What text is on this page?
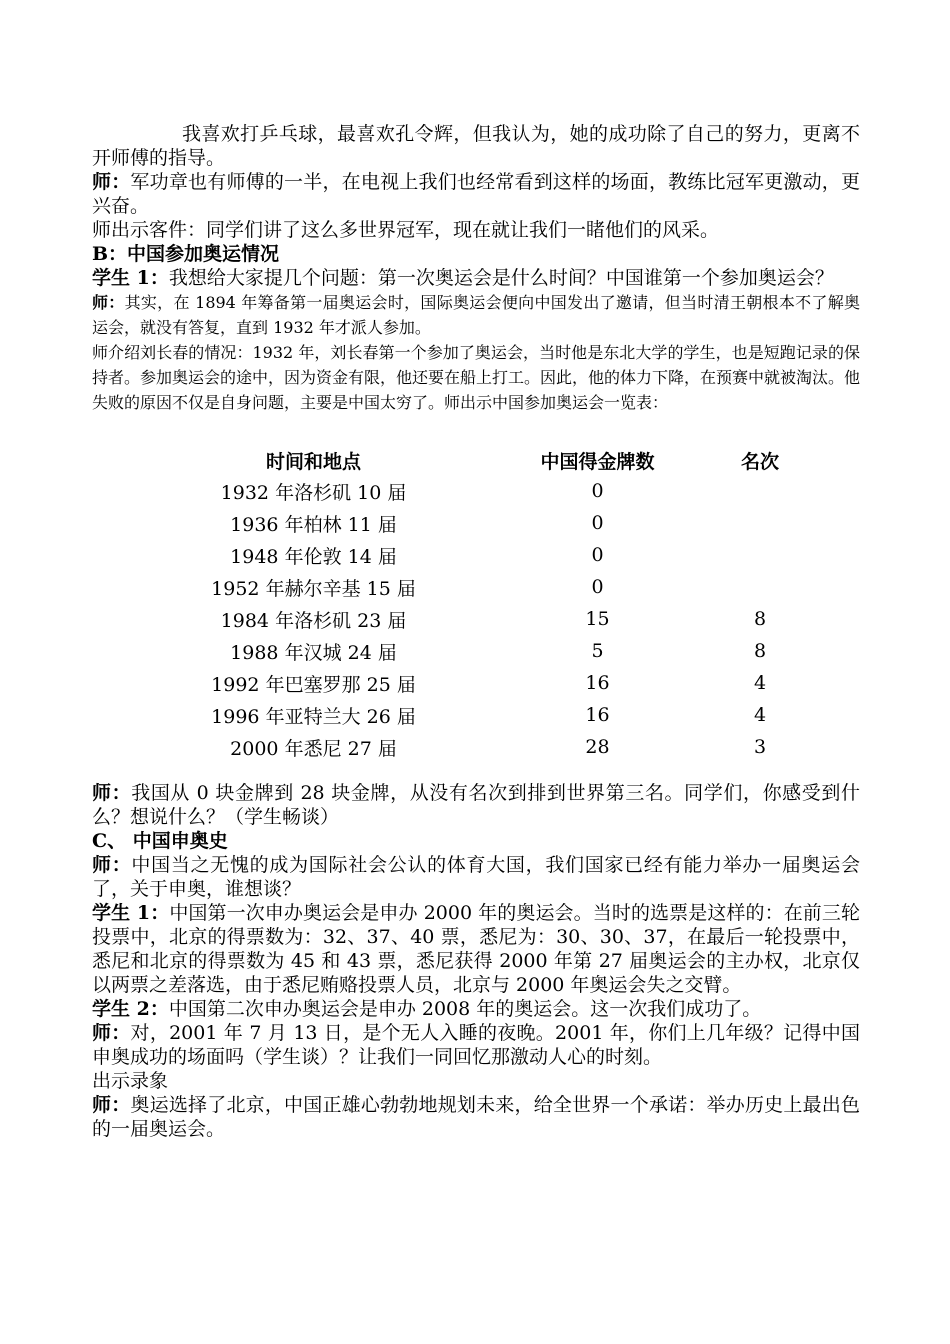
我喜欢打乒乓球，最喜欢孔令辉，但我认为，她的成功除了自己的努力，更离不开师傅的指导。

师：军功章也有师傅的一半，在电视上我们也经常看到这样的场面，教练比冠军更激动，更兴奋。

师出示客件：同学们讲了这么多世界冠军，现在就让我们一睹他们的风采。

B：中国参加奥运情况

学生 1：我想给大家提几个问题：第一次奥运会是什么时间？中国谁第一个参加奥运会？

师：其实，在 1894 年筹备第一届奥运会时，国际奥运会便向中国发出了邀请，但当时清王朝根本不了解奥运会，就没有答复，直到 1932 年才派人参加。

师介绍刘长春的情况：1932 年，刘长春第一个参加了奥运会，当时他是东北大学的学生，也是短跑记录的保持者。参加奥运会的途中，因为资金有限，他还要在船上打工。因此，他的体力下降，在预赛中就被淘汰。他失败的原因不仅是自身问题，主要是中国太穷了。师出示中国参加奥运会一览表：

时间和地点	中国得金牌数	名次
1932 年洛杉矶 10 届	0	
1936 年柏林 11 届	0	
1948 年伦敦 14 届	0	
1952 年赫尔辛基 15 届	0	
1984 年洛杉矶 23 届	15	8
1988 年汉城 24 届	5	8
1992 年巴塞罗那 25 届	16	4
1996 年亚特兰大 26 届	16	4
2000 年悉尼 27 届	28	3

师：我国从 0 块金牌到 28 块金牌，从没有名次到排到世界第三名。同学们，你感受到什么？想说什么？（学生畅谈）

C、 中国申奥史

师：中国当之无愧的成为国际社会公认的体育大国，我们国家已经有能力举办一届奥运会了，关于申奥，谁想谈？

学生 1：中国第一次申办奥运会是申办 2000 年的奥运会。当时的选票是这样的：在前三轮投票中，北京的得票数为：32、37、40 票，悉尼为：30、30、37，在最后一轮投票中，悉尼和北京的得票数为 45 和 43 票，悉尼获得 2000 年第 27 届奥运会的主办权，北京仅以两票之差落选，由于悉尼贿赂投票人员，北京与 2000 年奥运会失之交臂。

学生 2：中国第二次申办奥运会是申办 2008 年的奥运会。这一次我们成功了。

师：对，2001 年 7 月 13 日，是个无人入睡的夜晚。2001 年，你们上几年级？记得中国申奥成功的场面吗（学生谈）？让我们一同回忆那激动人心的时刻。

出示录象

师：奥运选择了北京，中国正雄心勃勃地规划未来，给全世界一个承诺：举办历史上最出色的一届奥运会。
